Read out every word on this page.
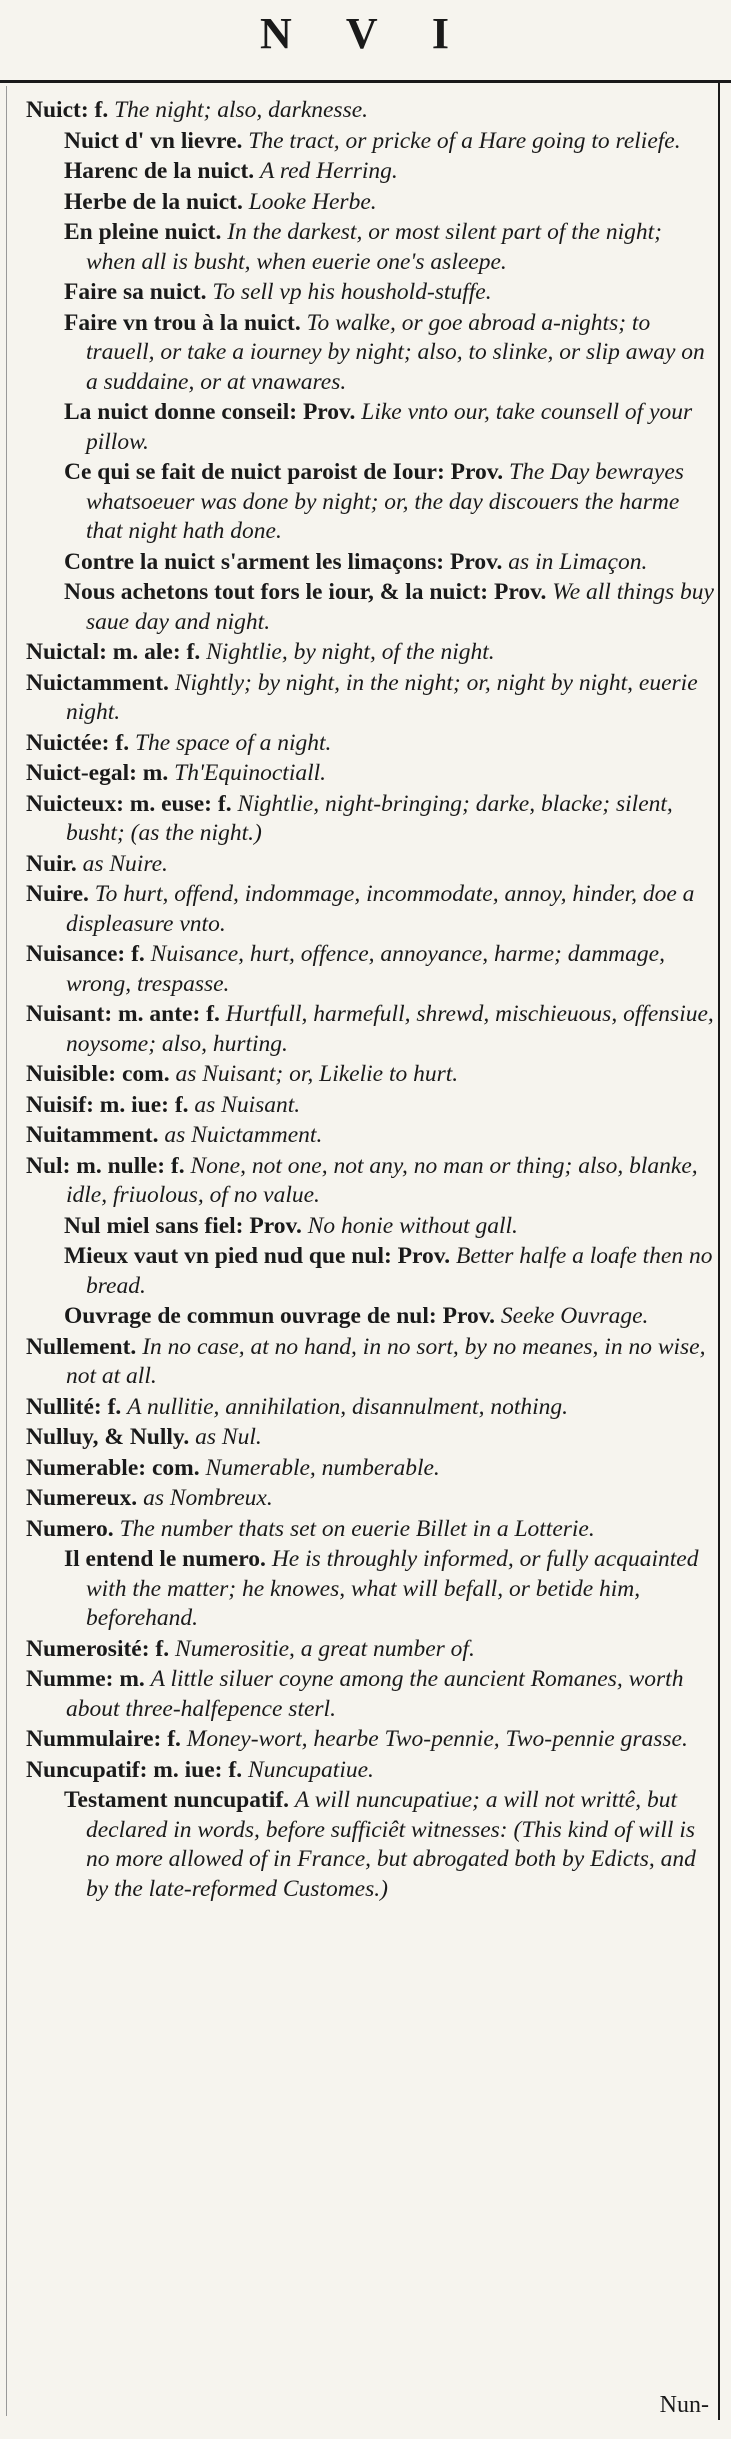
N V I
Nuict: f. The night; also, darknesse.
Nuict d' vn lievre. The tract, or pricke of a Hare going to reliefe.
Harenc de la nuict. A red Herring.
Herbe de la nuict. Looke Herbe.
En pleine nuict. In the darkest, or most silent part of the night; when all is busht, when euerie one's asleepe.
Faire sa nuict. To sell vp his houshold-stuffe.
Faire vn trou à la nuict. To walke, or goe abroad a-nights; to trauell, or take a iourney by night; also, to slinke, or slip away on a suddaine, or at vnawares.
La nuict donne conseil: Prov. Like vnto our, take counsell of your pillow.
Ce qui se fait de nuict paroist de Iour: Prov. The Day bewrayes whatsoeuer was done by night; or, the day discouers the harme that night hath done.
Contre la nuict s'arment les limaçons: Prov. as in Limaçon.
Nous achetons tout fors le iour, & la nuict: Prov. We all things buy saue day and night.
Nuictal: m. ale: f. Nightlie, by night, of the night.
Nuictamment. Nightly; by night, in the night; or, night by night, euerie night.
Nuictée: f. The space of a night.
Nuict-egal: m. Th'Equinoctiall.
Nuicteux: m. euse: f. Nightlie, night-bringing; darke, blacke; silent, busht; (as the night.)
Nuir. as Nuire.
Nuire. To hurt, offend, indommage, incommodate, annoy, hinder, doe a displeasure vnto.
Nuisance: f. Nuisance, hurt, offence, annoyance, harme; dammage, wrong, trespasse.
Nuisant: m. ante: f. Hurtfull, harmefull, shrewd, mischieuous, offensiue, noysome; also, hurting.
Nuisible: com. as Nuisant; or, Likelie to hurt.
Nuisif: m. iue: f. as Nuisant.
Nuitamment. as Nuictamment.
Nul: m. nulle: f. None, not one, not any, no man or thing; also, blanke, idle, friuolous, of no value.
Nul miel sans fiel: Prov. No honie without gall.
Mieux vaut vn pied nud que nul: Prov. Better halfe a loafe then no bread.
Ouvrage de commun ouvrage de nul: Prov. Seeke Ouvrage.
Nullement. In no case, at no hand, in no sort, by no meanes, in no wise, not at all.
Nullité: f. A nullitie, annihilation, disannulment, nothing.
Nulluy, & Nully. as Nul.
Numerable: com. Numerable, numberable.
Numereux. as Nombreux.
Numero. The number thats set on euerie Billet in a Lotterie.
Il entend le numero. He is throughly informed, or fully acquainted with the matter; he knowes, what will befall, or betide him, beforehand.
Numerosité: f. Numerositie, a great number of.
Numme: m. A little siluer coyne among the auncient Romanes, worth about three-halfepence sterl.
Nummulaire: f. Money-wort, hearbe Two-pennie, Two-pennie grasse.
Nuncupatif: m. iue: f. Nuncupatiue.
Testament nuncupatif. A will nuncupatiue; a will not writtê, but declared in words, before sufficiêt witnesses: (This kind of will is no more allowed of in France, but abrogated both by Edicts, and by the late-reformed Customes.)
Nun-
